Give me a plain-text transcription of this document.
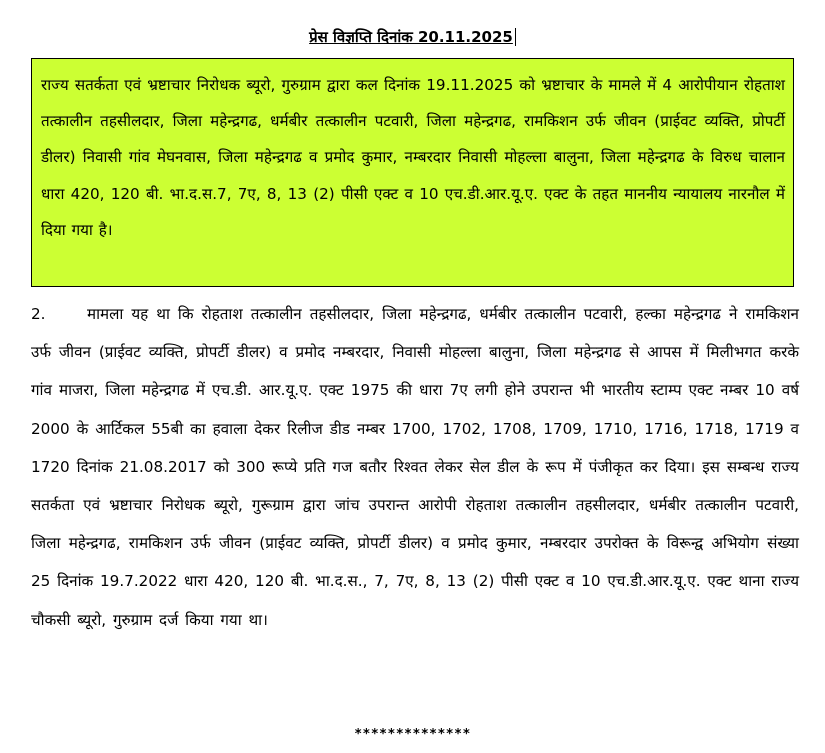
प्रेस विज्ञप्ति दिनांक 20.11.2025

राज्य सतर्कता एवं भ्रष्टाचार निरोधक ब्यूरो, गुरुग्राम द्वारा कल दिनांक 19.11.2025 को भ्रष्टाचार के मामले में 4 आरोपीयान रोहताश तत्कालीन तहसीलदार, जिला महेन्द्रगढ, धर्मबीर तत्कालीन पटवारी, जिला महेन्द्रगढ, रामकिशन उर्फ जीवन (प्राईवट व्यक्ति, प्रोपर्टी डीलर) निवासी गांव मेघनवास, जिला महेन्द्रगढ व प्रमोद कुमार, नम्बरदार निवासी मोहल्ला बालुना, जिला महेन्द्रगढ के विरुध चालान धारा 420, 120 बी. भा.द.स.7, 7ए, 8, 13 (2) पीसी एक्ट व 10 एच.डी.आर.यू.ए. एक्ट के तहत माननीय न्यायालय नारनौल में दिया गया है।

2.	मामला यह था कि रोहताश तत्कालीन तहसीलदार, जिला महेन्द्रगढ, धर्मबीर तत्कालीन पटवारी, हल्का महेन्द्रगढ ने रामकिशन उर्फ जीवन (प्राईवट व्यक्ति, प्रोपर्टी डीलर) व प्रमोद नम्बरदार, निवासी मोहल्ला बालुना, जिला महेन्द्रगढ से आपस में मिलीभगत करके गांव माजरा, जिला महेन्द्रगढ में एच.डी. आर.यू.ए. एक्ट 1975 की धारा 7ए लगी होने उपरान्त भी भारतीय स्टाम्प एक्ट नम्बर 10 वर्ष 2000 के आर्टिकल 55बी का हवाला देकर रिलीज डीड नम्बर 1700, 1702, 1708, 1709, 1710, 1716, 1718, 1719 व 1720 दिनांक 21.08.2017 को 300 रूप्ये प्रति गज बतौर रिश्वत लेकर सेल डील के रूप में पंजीकृत कर दिया। इस सम्बन्ध राज्य सतर्कता एवं भ्रष्टाचार निरोधक ब्यूरो, गुरूग्राम द्वारा जांच उपरान्त आरोपी रोहताश तत्कालीन तहसीलदार, धर्मबीर तत्कालीन पटवारी, जिला महेन्द्रगढ, रामकिशन उर्फ जीवन (प्राईवट व्यक्ति, प्रोपर्टी डीलर) व प्रमोद कुमार, नम्बरदार उपरोक्त के विरून्द्व अभियोग संख्या 25 दिनांक 19.7.2022 धारा 420, 120 बी. भा.द.स., 7, 7ए, 8, 13 (2) पीसी एक्ट व 10 एच.डी.आर.यू.ए. एक्ट थाना राज्य चौकसी ब्यूरो, गुरुग्राम दर्ज किया गया था।

**************
